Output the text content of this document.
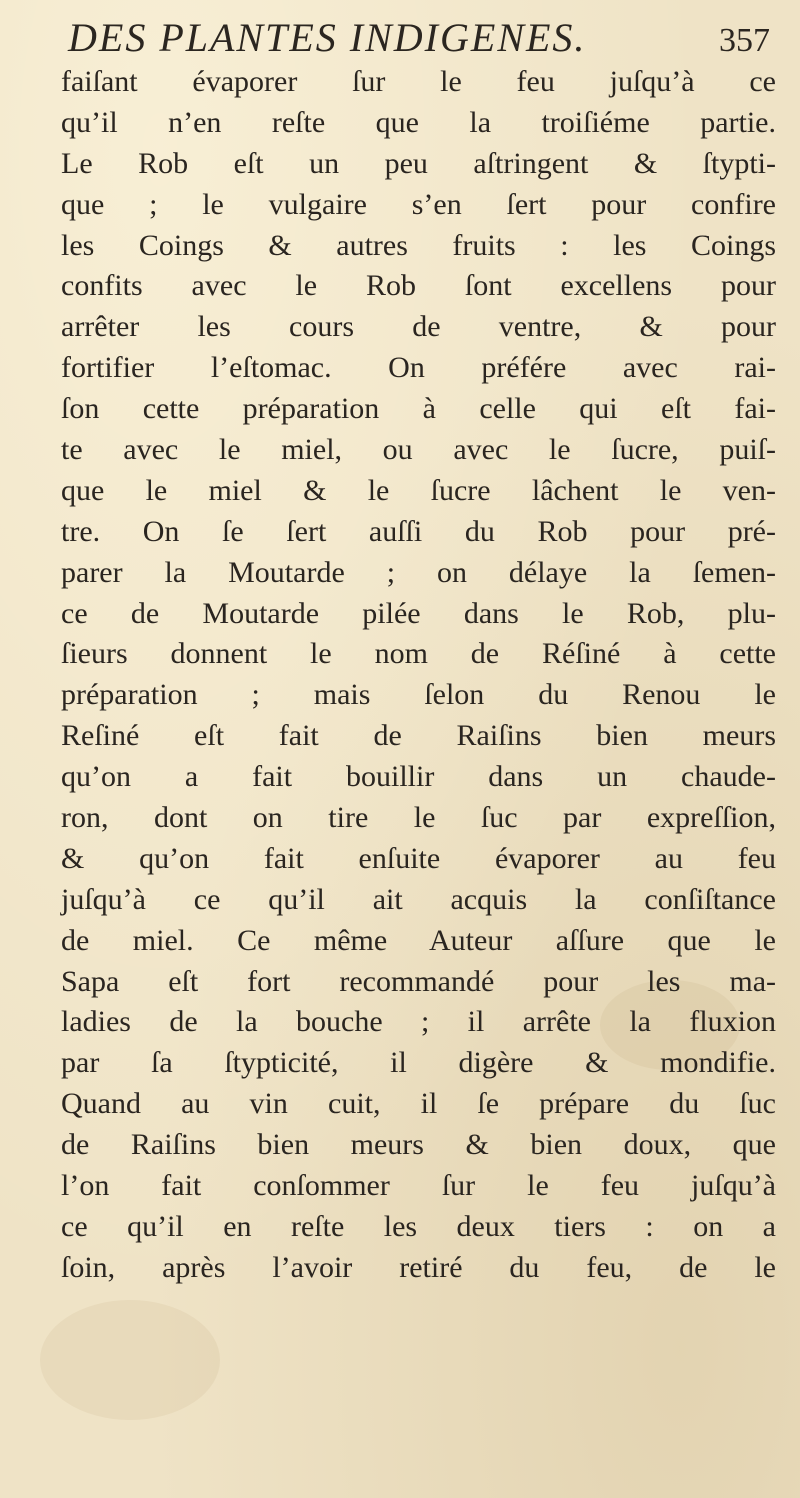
DES PLANTES INDIGENES.	357
faiſant évaporer ſur le feu juſqu’à ce
qu’il n’en reſte que la troiſiéme partie.
Le Rob eſt un peu aſtringent & ſtypti-
que ; le vulgaire s’en ſert pour confire
les Coings & autres fruits : les Coings
confits avec le Rob ſont excellens pour
arrêter les cours de ventre, & pour
fortifier l’eſtomac. On préfére avec rai-
ſon cette préparation à celle qui eſt fai-
te avec le miel, ou avec le ſucre, puiſ-
que le miel & le ſucre lâchent le ven-
tre. On ſe ſert auſſi du Rob pour pré-
parer la Moutarde ; on délaye la ſemen-
ce de Moutarde pilée dans le Rob, plu-
ſieurs donnent le nom de Réſiné à cette
préparation ; mais ſelon du Renou le
Reſiné eſt fait de Raiſins bien meurs
qu’on a fait bouillir dans un chaude-
ron, dont on tire le ſuc par expreſſion,
& qu’on fait enſuite évaporer au feu
juſqu’à ce qu’il ait acquis la conſiſtance
de miel. Ce même Auteur aſſure que le
Sapa eſt fort recommandé pour les ma-
ladies de la bouche ; il arrête la fluxion
par ſa ſtypticité, il digère & mondifie.
Quand au vin cuit, il ſe prépare du ſuc
de Raiſins bien meurs & bien doux, que
l’on fait conſommer ſur le feu juſqu’à
ce qu’il en reſte les deux tiers : on a
ſoin, après l’avoir retiré du feu, de le
